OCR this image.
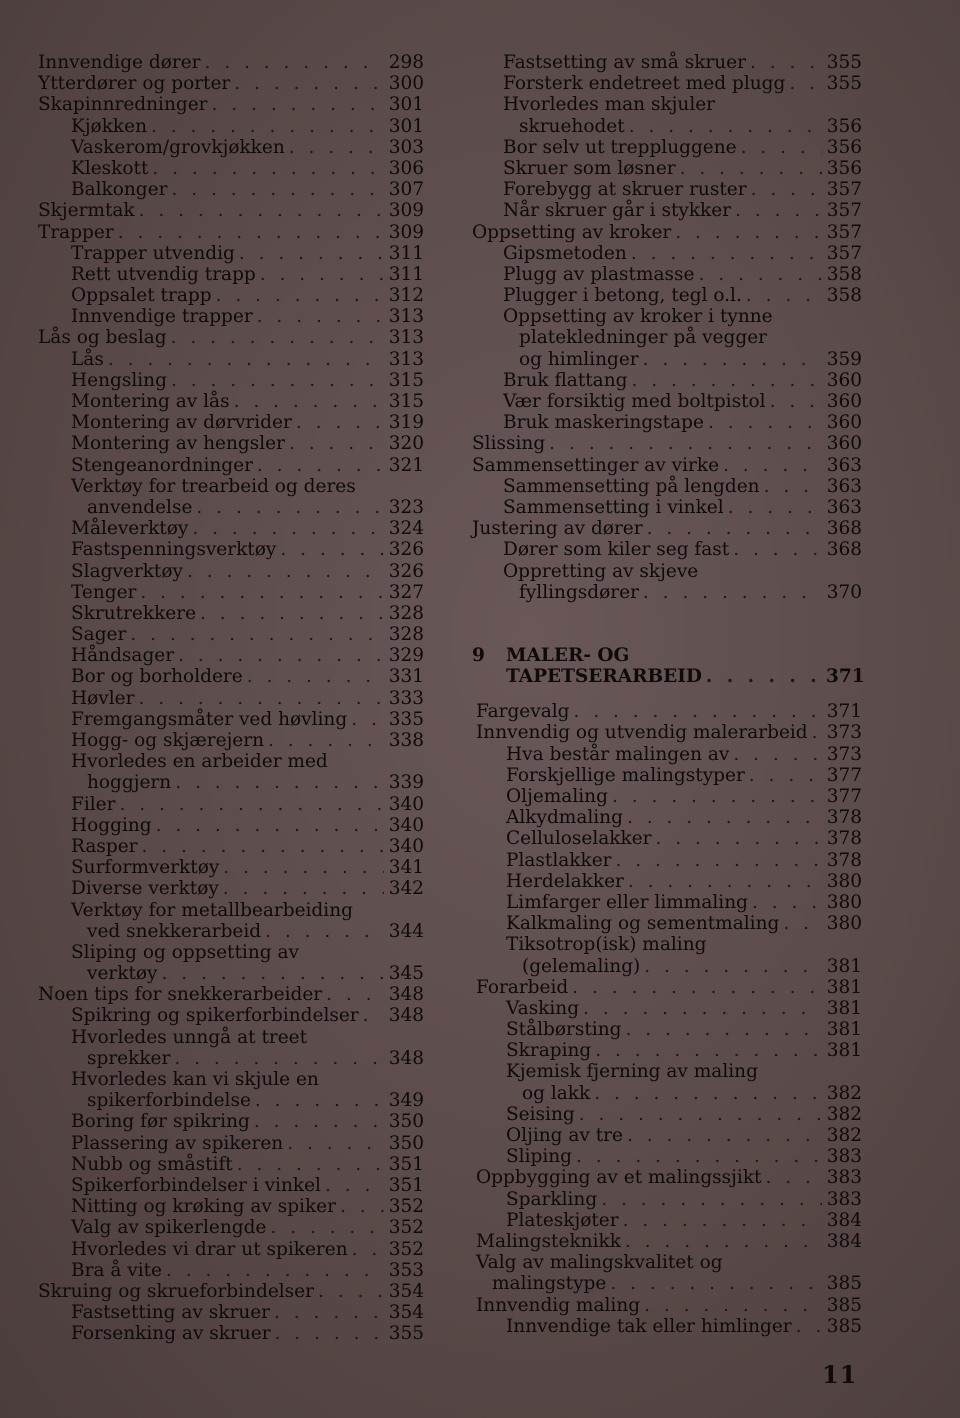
Innvendige dører . . .	298
Ytterdører og porter . . .	300
Skapinnredninger . . .	301
Kjøkken . . .	301
Vaskerom/grovkjøkken . . .	303
Kleskott . . .	306
Balkonger . . .	307
Skjermtak . . .	309
Trapper . . .	309
Trapper utvendig . . .	311
Rett utvendig trapp . . .	311
Oppsalet trapp . . .	312
Innvendige trapper . . .	313
Lås og beslag . . .	313
Lås . . .	313
Hengsling . . .	315
Montering av lås . . .	315
Montering av dørvrider . . .	319
Montering av hengsler . . .	320
Stengeanordninger . . .	321
Verktøy for trearbeid og deres
anvendelse . . .	323
Måleverktøy . . .	324
Fastspenningsverktøy . . .	326
Slagverktøy . . .	326
Tenger . . .	327
Skrutrekkere . . .	328
Sager . . .	328
Håndsager . . .	329
Bor og borholdere . . .	331
Høvler . . .	333
Fremgangsmåter ved høvling . . . 335
Hogg- og skjærejern . . .	338
Hvorledes en arbeider med
hoggjern . . .	339
Filer . . .	340
Hogging . . .	340
Rasper . . .	340
Surformverktøy . . .	341
Diverse verktøy . . .	342
Verktøy for metallbearbeiding
ved snekkerarbeid . . .	344
Sliping og oppsetting av
verktøy . . .	345
Noen tips for snekkerarbeider . . .	348
Spikring og spikerforbindelser . . . 348
Hvorledes unngå at treet
sprekker . . .	348
Hvorledes kan vi skjule en
spikerforbindelse . . .	349
Boring før spikring . . .	350
Plassering av spikeren . . .	350
Nubb og småstift . . .	351
Spikerforbindelser i vinkel . . .	351
Nitting og krøking av spiker . . .	352
Valg av spikerlengde . . .	352
Hvorledes vi drar ut spikeren . . . 352
Bra å vite . . .	353
Skruing og skrueforbindelser . . .	354
Fastsetting av skruer . . .	354
Forsenking av skruer . . .	355
Fastsetting av små skruer . . .	355
Forsterk endetreet med plugg . . . 355
Hvorledes man skjuler
skruehodet . . .	356
Bor selv ut treppluggene . . .	356
Skruer som løsner . . .	356
Forebygg at skruer ruster . . .	357
Når skruer går i stykker . . .	357
Oppsetting av kroker . . .	357
Gipsmetoden . . .	357
Plugg av plastmasse . . .	358
Plugger i betong, tegl o.l. . . .	358
Oppsetting av kroker i tynne
platekledninger på vegger
og himlinger . . .	359
Bruk flattang . . .	360
Vær forsiktig med boltpistol . . .	360
Bruk maskeringstape . . .	360
Slissing . . .	360
Sammensettinger av virke . . .	363
Sammensetting på lengden . . .	363
Sammensetting i vinkel . . .	363
Justering av dører . . .	368
Dører som kiler seg fast . . .	368
Oppretting av skjeve
fyllingsdører . . .	370
9	MALER- OG
TAPETSERARBEID . . .	371
Fargevalg . . .	371
Innvendig og utvendig malerarbeid . . . 373
Hva består malingen av . . .	373
Forskjellige malingstyper . . .	377
Oljemaling . . .	377
Alkydmaling . . .	378
Celluloselakker . . .	378
Plastlakker . . .	378
Herdelakker . . .	380
Limfarger eller limmaling . . .	380
Kalkmaling og sementmaling . . .	380
Tiksotrop(isk) maling
(gelemaling) . . .	381
Forarbeid . . .	381
Vasking . . .	381
Stålbørsting . . .	381
Skraping . . .	381
Kjemisk fjerning av maling
og lakk . . .	382
Seising . . .	382
Oljing av tre . . .	382
Sliping . . .	383
Oppbygging av et malingssjikt . . .	383
Sparkling . . .	383
Plateskjøter . . .	384
Malingsteknikk . . .	384
Valg av malingskvalitet og
malingstype . . .	385
Innvendig maling . . .	385
Innvendige tak eller himlinger . . . 385
11
